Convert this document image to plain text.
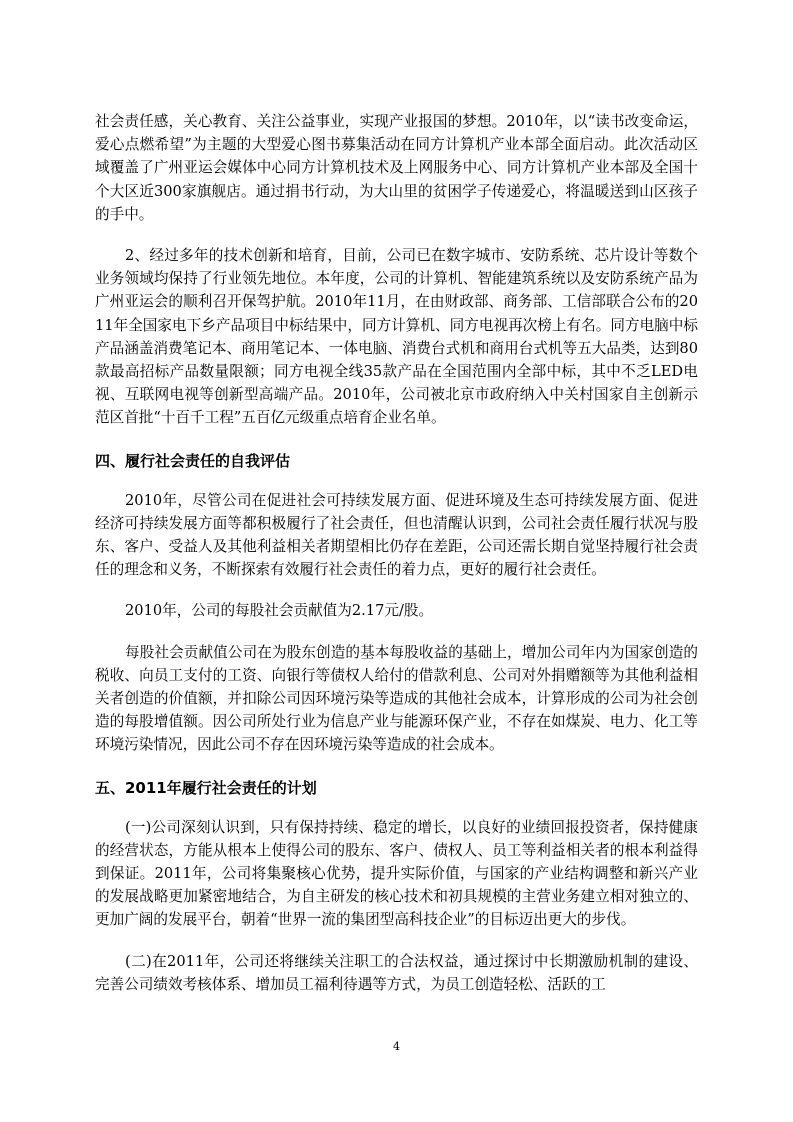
社会责任感，关心教育、关注公益事业，实现产业报国的梦想。2010年，以“读书改变命运，爱心点燃希望”为主题的大型爱心图书募集活动在同方计算机产业本部全面启动。此次活动区域覆盖了广州亚运会媒体中心同方计算机技术及上网服务中心、同方计算机产业本部及全国十个大区近300家旗舰店。通过捐书行动，为大山里的贫困学子传递爱心，将温暖送到山区孩子的手中。

2、经过多年的技术创新和培育，目前，公司已在数字城市、安防系统、芯片设计等数个业务领域均保持了行业领先地位。本年度，公司的计算机、智能建筑系统以及安防系统产品为广州亚运会的顺利召开保驾护航。2010年11月，在由财政部、商务部、工信部联合公布的2011年全国家电下乡产品项目中标结果中，同方计算机、同方电视再次榜上有名。同方电脑中标产品涵盖消费笔记本、商用笔记本、一体电脑、消费台式机和商用台式机等五大品类，达到80款最高招标产品数量限额；同方电视全线35款产品在全国范围内全部中标，其中不乏LED电视、互联网电视等创新型高端产品。2010年，公司被北京市政府纳入中关村国家自主创新示范区首批“十百千工程”五百亿元级重点培育企业名单。

四、履行社会责任的自我评估

2010年，尽管公司在促进社会可持续发展方面、促进环境及生态可持续发展方面、促进经济可持续发展方面等都积极履行了社会责任，但也清醒认识到，公司社会责任履行状况与股东、客户、受益人及其他利益相关者期望相比仍存在差距，公司还需长期自觉坚持履行社会责任的理念和义务，不断探索有效履行社会责任的着力点，更好的履行社会责任。

2010年，公司的每股社会贡献值为2.17元/股。

每股社会贡献值公司在为股东创造的基本每股收益的基础上，增加公司年内为国家创造的税收、向员工支付的工资、向银行等债权人给付的借款利息、公司对外捐赠额等为其他利益相关者创造的价值额，并扣除公司因环境污染等造成的其他社会成本，计算形成的公司为社会创造的每股增值额。因公司所处行业为信息产业与能源环保产业，不存在如煤炭、电力、化工等环境污染情况，因此公司不存在因环境污染等造成的社会成本。

五、2011年履行社会责任的计划

(一)公司深刻认识到，只有保持持续、稳定的增长，以良好的业绩回报投资者，保持健康的经营状态，方能从根本上使得公司的股东、客户、债权人、员工等利益相关者的根本利益得到保证。2011年，公司将集聚核心优势，提升实际价值，与国家的产业结构调整和新兴产业的发展战略更加紧密地结合，为自主研发的核心技术和初具规模的主营业务建立相对独立的、更加广阔的发展平台，朝着“世界一流的集团型高科技企业”的目标迈出更大的步伐。

(二)在2011年，公司还将继续关注职工的合法权益，通过探讨中长期激励机制的建设、完善公司绩效考核体系、增加员工福利待遇等方式，为员工创造轻松、活跃的工

4
